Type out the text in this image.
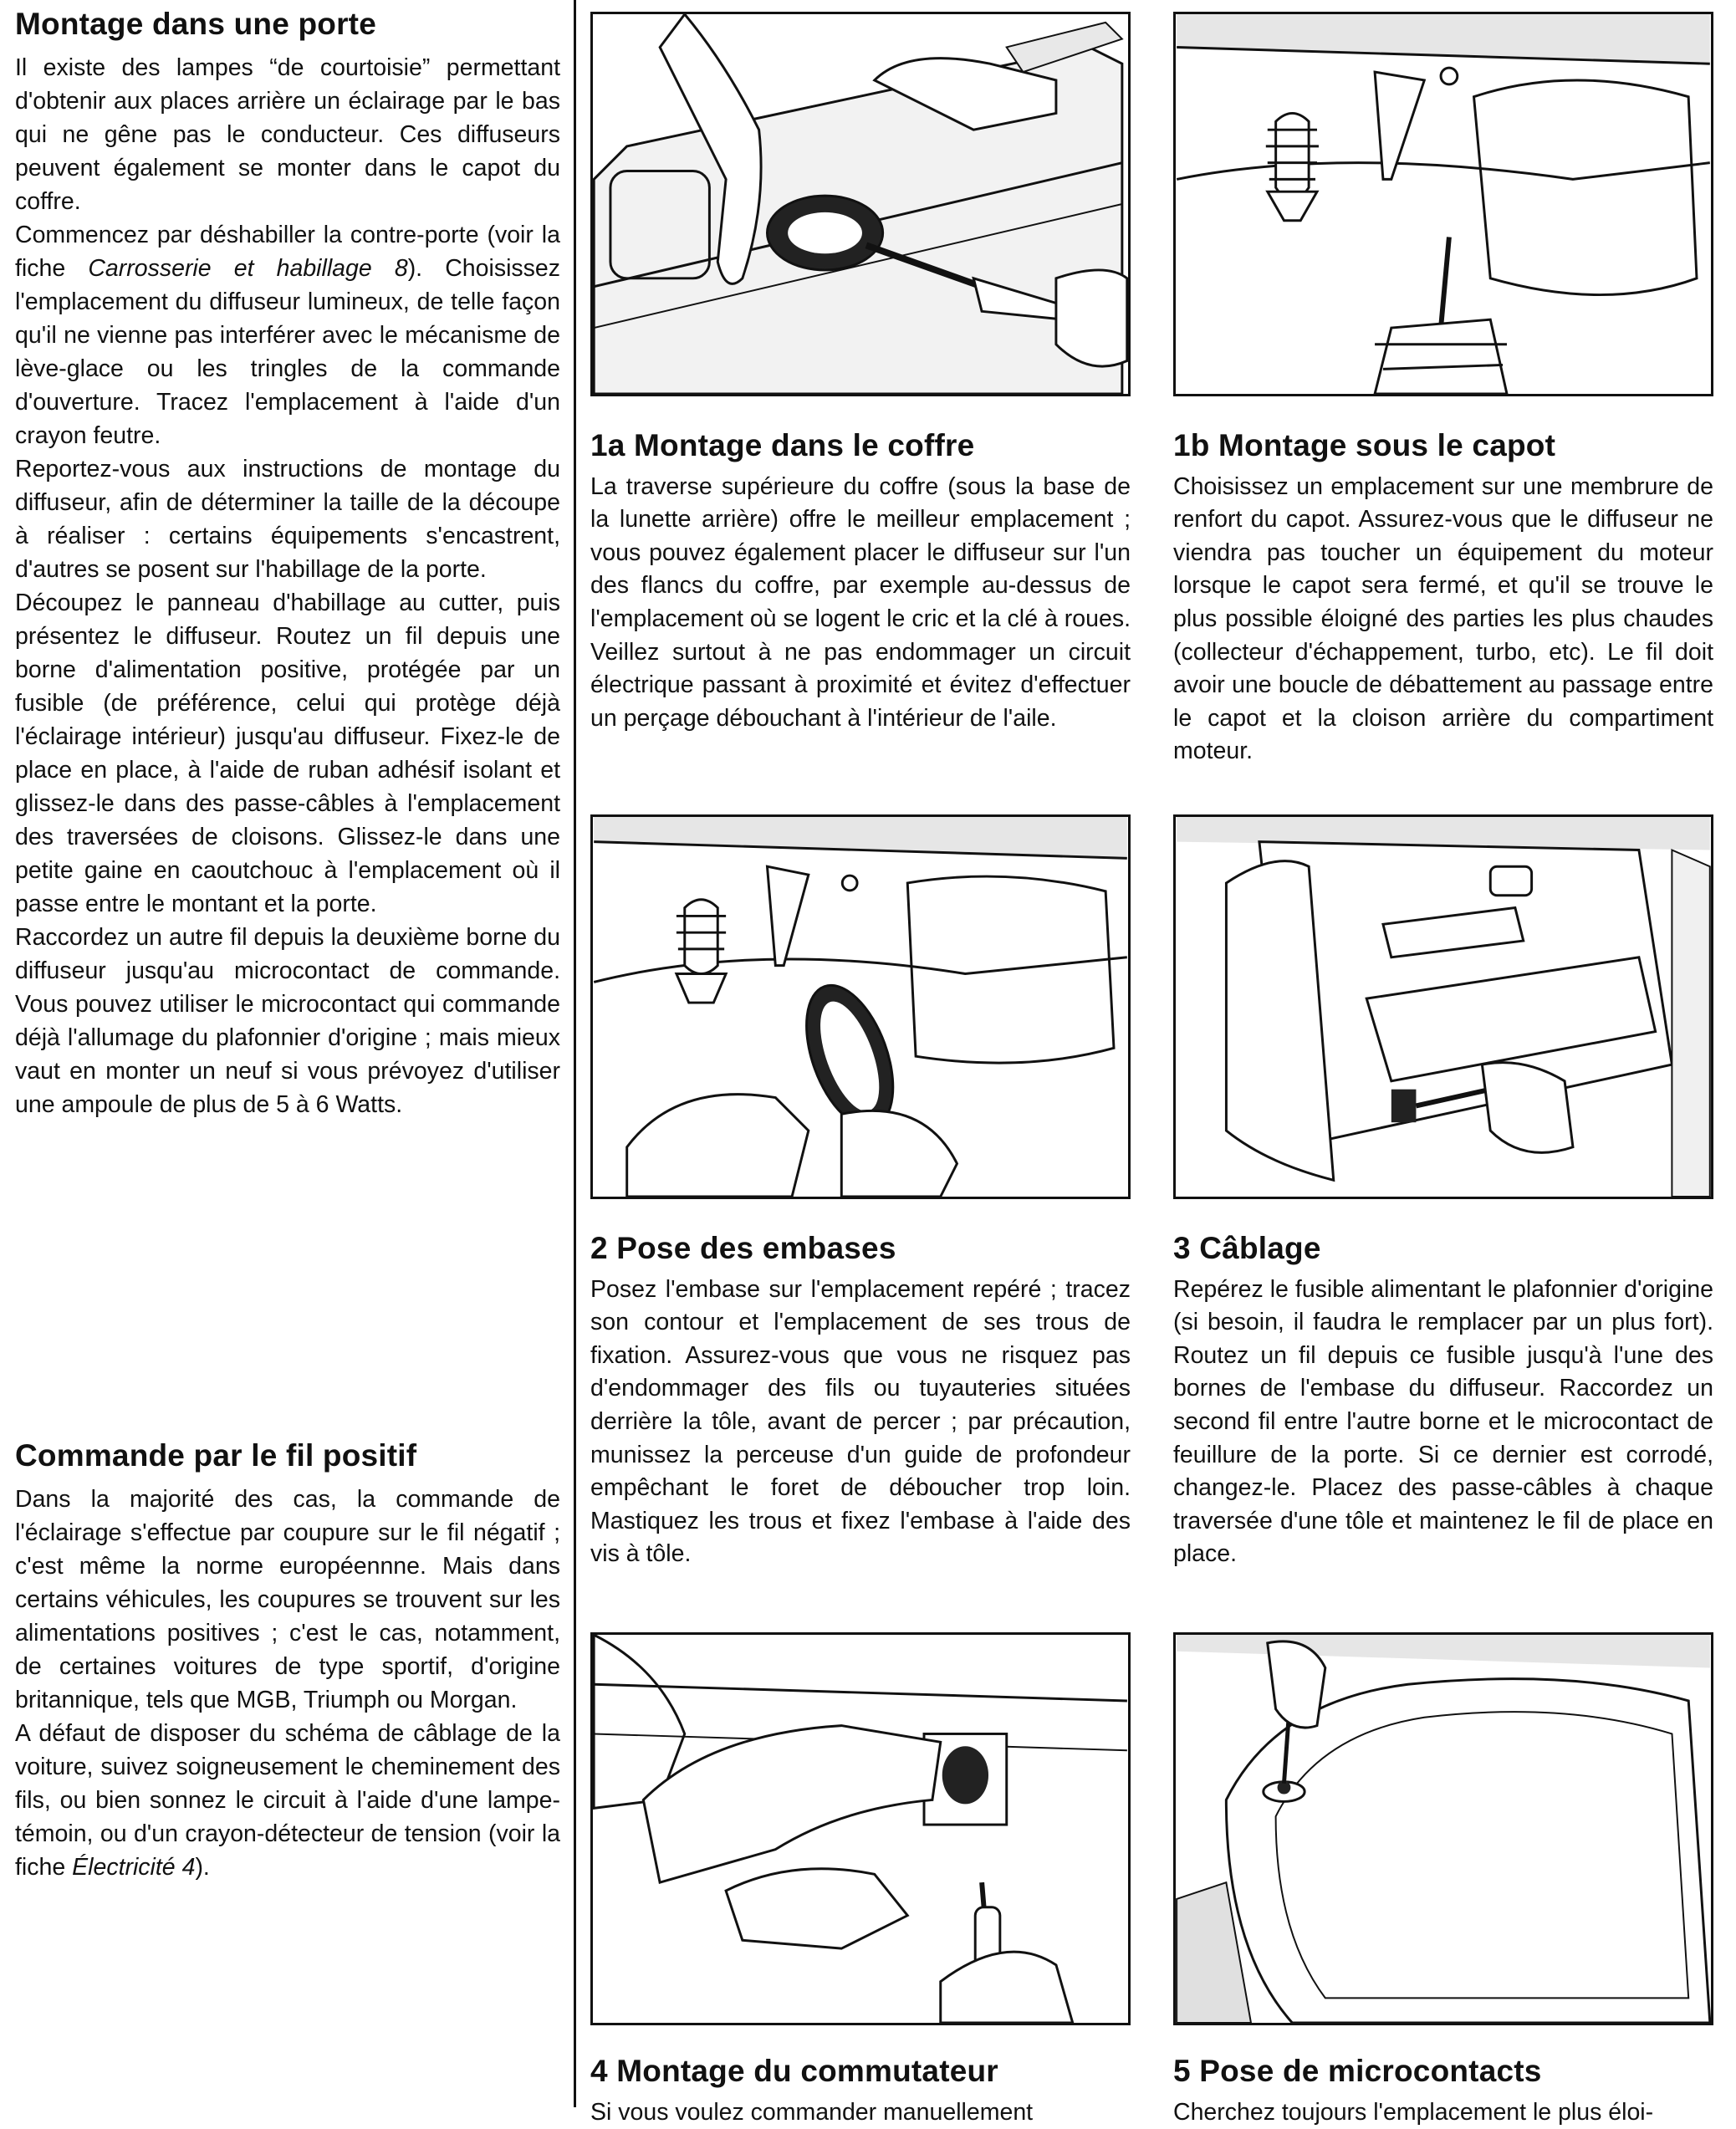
Montage dans une porte

Il existe des lampes “de courtoisie” permettant d'obtenir aux places arrière un éclairage par le bas qui ne gêne pas le conducteur. Ces diffuseurs peuvent également se monter dans le capot du coffre.

Commencez par déshabiller la contre-porte (voir la fiche Carrosserie et habillage 8). Choisissez l'emplacement du diffuseur lumineux, de telle façon qu'il ne vienne pas interférer avec le mécanisme de lève-glace ou les tringles de la commande d'ouverture. Tracez l'emplacement à l'aide d'un crayon feutre.

Reportez-vous aux instructions de montage du diffuseur, afin de déterminer la taille de la découpe à réaliser : certains équipements s'encastrent, d'autres se posent sur l'habillage de la porte.

Découpez le panneau d'habillage au cutter, puis présentez le diffuseur. Routez un fil depuis une borne d'alimentation positive, protégée par un fusible (de préférence, celui qui protège déjà l'éclairage intérieur) jusqu'au diffuseur. Fixez-le de place en place, à l'aide de ruban adhésif isolant et glissez-le dans des passe-câbles à l'emplacement des traversées de cloisons. Glissez-le dans une petite gaine en caoutchouc à l'emplacement où il passe entre le montant et la porte.

Raccordez un autre fil depuis la deuxième borne du diffuseur jusqu'au microcontact de commande. Vous pouvez utiliser le microcontact qui commande déjà l'allumage du plafonnier d'origine ; mais mieux vaut en monter un neuf si vous prévoyez d'utiliser une ampoule de plus de 5 à 6 Watts.

Commande par le fil positif

Dans la majorité des cas, la commande de l'éclairage s'effectue par coupure sur le fil négatif ; c'est même la norme européennne. Mais dans certains véhicules, les coupures se trouvent sur les alimentations positives ; c'est le cas, notamment, de certaines voitures de type sportif, d'origine britannique, tels que MGB, Triumph ou Morgan.

A défaut de disposer du schéma de câblage de la voiture, suivez soigneusement le cheminement des fils, ou bien sonnez le circuit à l'aide d'une lampe-témoin, ou d'un crayon-détecteur de tension (voir la fiche Électricité 4).

1a Montage dans le coffre

La traverse supérieure du coffre (sous la base de la lunette arrière) offre le meilleur emplacement ; vous pouvez également placer le diffuseur sur l'un des flancs du coffre, par exemple au-dessus de l'emplacement où se logent le cric et la clé à roues. Veillez surtout à ne pas endommager un circuit électrique passant à proximité et évitez d'effectuer un perçage débouchant à l'intérieur de l'aile.

1b Montage sous le capot

Choisissez un emplacement sur une membrure de renfort du capot. Assurez-vous que le diffuseur ne viendra pas toucher un équipement du moteur lorsque le capot sera fermé, et qu'il se trouve le plus possible éloigné des parties les plus chaudes (collecteur d'échappement, turbo, etc). Le fil doit avoir une boucle de débattement au passage entre le capot et la cloison arrière du compartiment moteur.

2 Pose des embases

Posez l'embase sur l'emplacement repéré ; tracez son contour et l'emplacement de ses trous de fixation. Assurez-vous que vous ne risquez pas d'endommager des fils ou tuyauteries situées derrière la tôle, avant de percer ; par précaution, munissez la perceuse d'un guide de profondeur empêchant le foret de déboucher trop loin. Mastiquez les trous et fixez l'embase à l'aide des vis à tôle.

3 Câblage

Repérez le fusible alimentant le plafonnier d'origine (si besoin, il faudra le remplacer par un plus fort). Routez un fil depuis ce fusible jusqu'à l'une des bornes de l'embase du diffuseur. Raccordez un second fil entre l'autre borne et le microcontact de feuillure de la porte. Si ce dernier est corrodé, changez-le. Placez des passe-câbles à chaque traversée d'une tôle et maintenez le fil de place en place.

4 Montage du commutateur

Si vous voulez commander manuellement

5 Pose de microcontacts

Cherchez toujours l'emplacement le plus éloi-
